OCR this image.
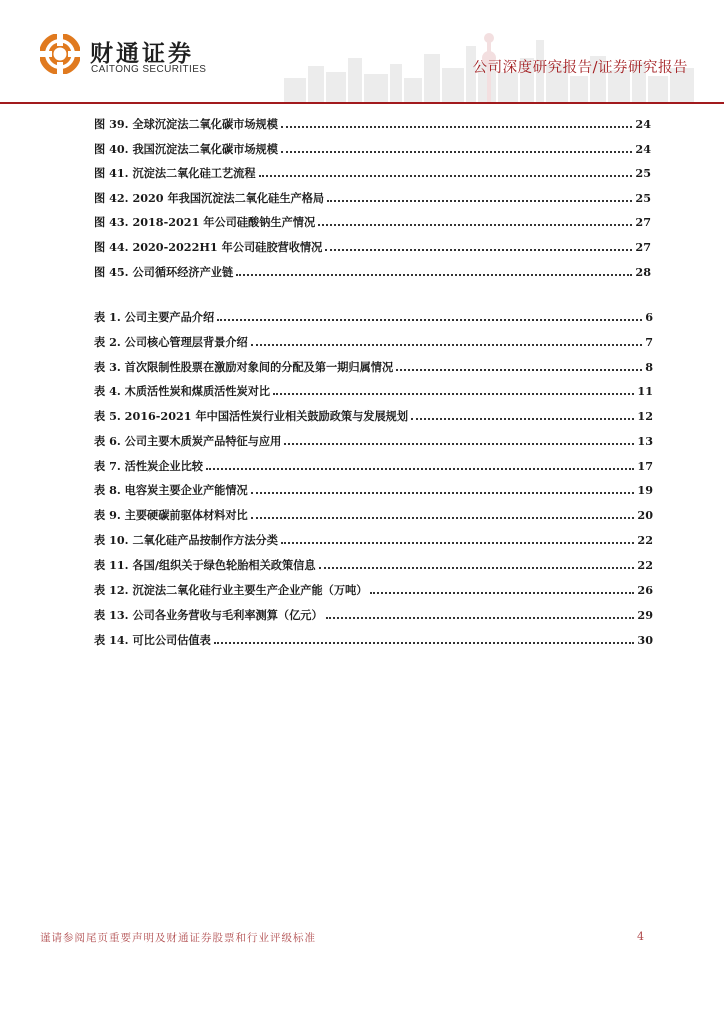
财通证券
CAITONG SECURITIES	公司深度研究报告/证券研究报告
图 39. 全球沉淀法二氧化碳市场规模	24
图 40. 我国沉淀法二氧化碳市场规模	24
图 41. 沉淀法二氧化硅工艺流程	25
图 42. 2020 年我国沉淀法二氧化硅生产格局	25
图 43. 2018-2021 年公司硅酸钠生产情况	27
图 44. 2020-2022H1 年公司硅胶营收情况	27
图 45. 公司循环经济产业链	28
表 1. 公司主要产品介绍	6
表 2. 公司核心管理层背景介绍	7
表 3. 首次限制性股票在激励对象间的分配及第一期归属情况	8
表 4. 木质活性炭和煤质活性炭对比	11
表 5. 2016-2021 年中国活性炭行业相关鼓励政策与发展规划	12
表 6. 公司主要木质炭产品特征与应用	13
表 7. 活性炭企业比较	17
表 8. 电容炭主要企业产能情况	19
表 9. 主要硬碳前驱体材料对比	20
表 10. 二氧化硅产品按制作方法分类	22
表 11. 各国/组织关于绿色轮胎相关政策信息	22
表 12. 沉淀法二氧化硅行业主要生产企业产能（万吨）	26
表 13. 公司各业务营收与毛利率测算（亿元）	29
表 14. 可比公司估值表	30
谨请参阅尾页重要声明及财通证券股票和行业评级标准	4
